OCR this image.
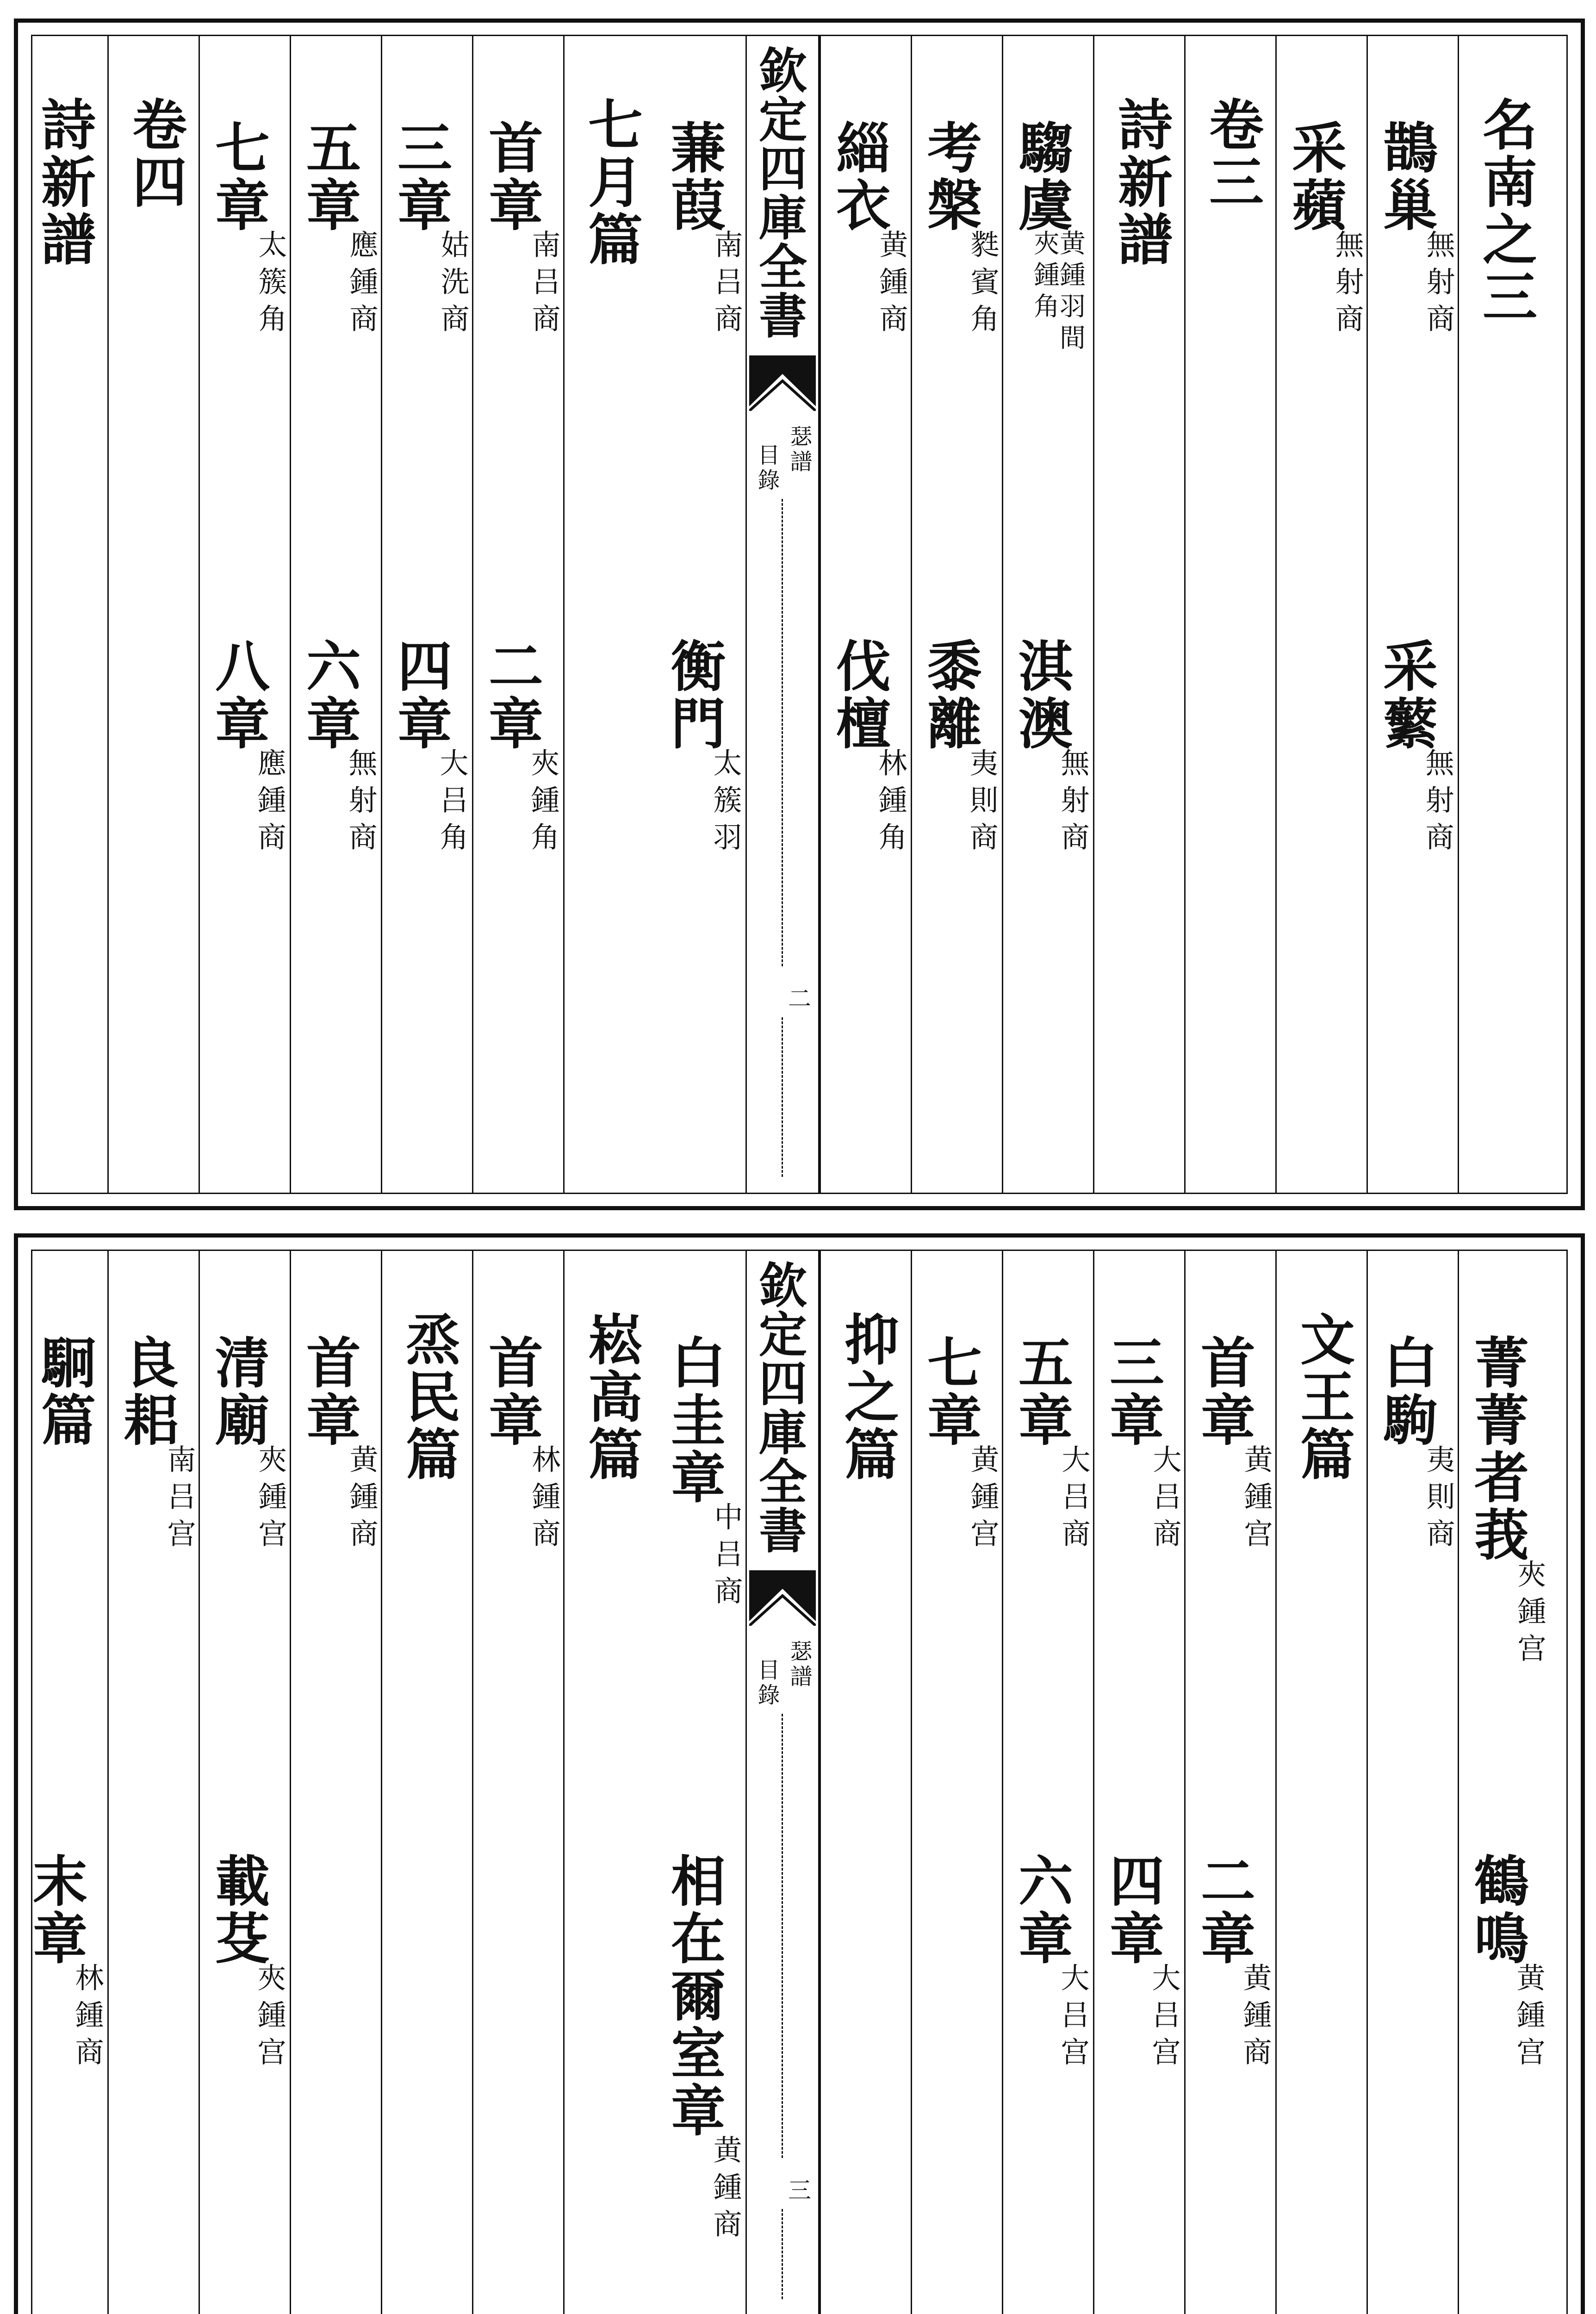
名南之三
鵲巢
無射商
采蘩
無射商
采蘋
無射商
卷三
詩新譜
騶虞
黄鍾羽間夾鍾角
淇澳
無射商
考槃
㽔賓角
黍離
夷則商
緇衣
黄鍾商
伐檀
林鍾角
蒹葭
南吕商
衡門
太簇羽
七月篇
首章
南吕商
二章
夾鍾角
三章
姑洗商
四章
大吕角
五章
應鍾商
六章
無射商
七章
太簇角
八章
應鍾商
卷四
詩新譜	欽定四庫全書
瑟譜
目錄
二
菁菁者莪
夾鍾宫
鶴鳴
黄鍾宫
白駒
夷則商
文王篇
首章
黄鍾宫
二章
黄鍾商
三章
大吕商
四章
大吕宫
五章
大吕商
六章
大吕宫
七章
黄鍾宫
抑之篇
白圭章
中吕商
相在爾室章
黄鍾商
崧高篇
首章
林鍾商
烝民篇
首章
黄鍾商
清廟
夾鍾宫
載芟
夾鍾宫
良耜
南吕宫
駉篇
末章
林鍾商
欽定四庫全書
瑟譜
目錄
三
